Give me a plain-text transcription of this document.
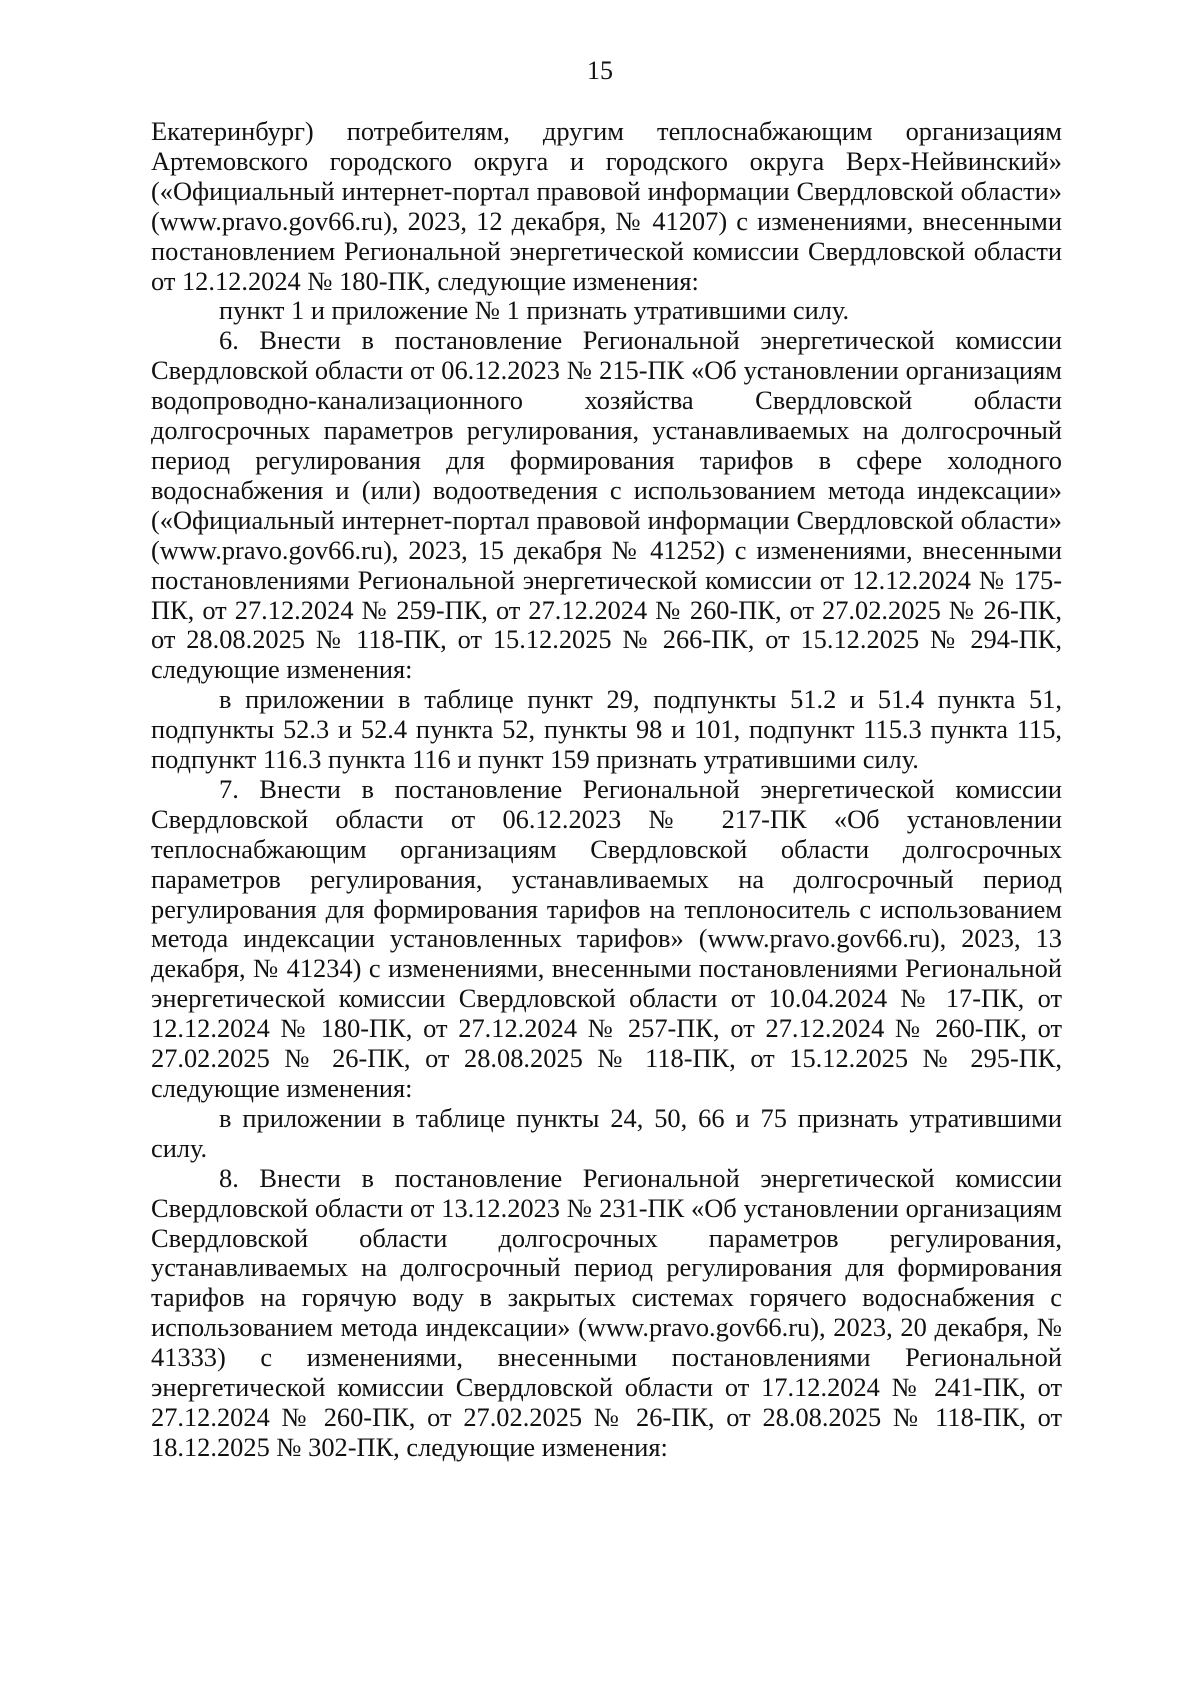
15

Екатеринбург) потребителям, другим теплоснабжающим организациям Артемовского городского округа и городского округа Верх-Нейвинский» («Официальный интернет-портал правовой информации Свердловской области» (www.pravo.gov66.ru), 2023, 12 декабря, № 41207) с изменениями, внесенными постановлением Региональной энергетической комиссии Свердловской области от 12.12.2024 № 180-ПК, следующие изменения:

пункт 1 и приложение № 1 признать утратившими силу.

6. Внести в постановление Региональной энергетической комиссии Свердловской области от 06.12.2023 № 215-ПК «Об установлении организациям водопроводно-канализационного хозяйства Свердловской области долгосрочных параметров регулирования, устанавливаемых на долгосрочный период регулирования для формирования тарифов в сфере холодного водоснабжения и (или) водоотведения с использованием метода индексации» («Официальный интернет-портал правовой информации Свердловской области» (www.pravo.gov66.ru), 2023, 15 декабря № 41252) с изменениями, внесенными постановлениями Региональной энергетической комиссии от 12.12.2024 № 175-ПК, от 27.12.2024 № 259-ПК, от 27.12.2024 № 260-ПК, от 27.02.2025 № 26-ПК, от 28.08.2025 № 118-ПК, от 15.12.2025 № 266-ПК, от 15.12.2025 № 294-ПК, следующие изменения:

в приложении в таблице пункт 29, подпункты 51.2 и 51.4 пункта 51, подпункты 52.3 и 52.4 пункта 52, пункты 98 и 101, подпункт 115.3 пункта 115, подпункт 116.3 пункта 116 и пункт 159 признать утратившими силу.

7. Внести в постановление Региональной энергетической комиссии Свердловской области от 06.12.2023 № 217-ПК «Об установлении теплоснабжающим организациям Свердловской области долгосрочных параметров регулирования, устанавливаемых на долгосрочный период регулирования для формирования тарифов на теплоноситель с использованием метода индексации установленных тарифов» (www.pravo.gov66.ru), 2023, 13 декабря, № 41234) с изменениями, внесенными постановлениями Региональной энергетической комиссии Свердловской области от 10.04.2024 № 17-ПК, от 12.12.2024 № 180-ПК, от 27.12.2024 № 257-ПК, от 27.12.2024 № 260-ПК, от 27.02.2025 № 26-ПК, от 28.08.2025 № 118-ПК, от 15.12.2025 № 295-ПК, следующие изменения:

в приложении в таблице пункты 24, 50, 66 и 75 признать утратившими силу.

8. Внести в постановление Региональной энергетической комиссии Свердловской области от 13.12.2023 № 231-ПК «Об установлении организациям Свердловской области долгосрочных параметров регулирования, устанавливаемых на долгосрочный период регулирования для формирования тарифов на горячую воду в закрытых системах горячего водоснабжения с использованием метода индексации» (www.pravo.gov66.ru), 2023, 20 декабря, № 41333) с изменениями, внесенными постановлениями Региональной энергетической комиссии Свердловской области от 17.12.2024 № 241-ПК, от 27.12.2024 № 260-ПК, от 27.02.2025 № 26-ПК, от 28.08.2025 № 118-ПК, от 18.12.2025 № 302-ПК, следующие изменения:
